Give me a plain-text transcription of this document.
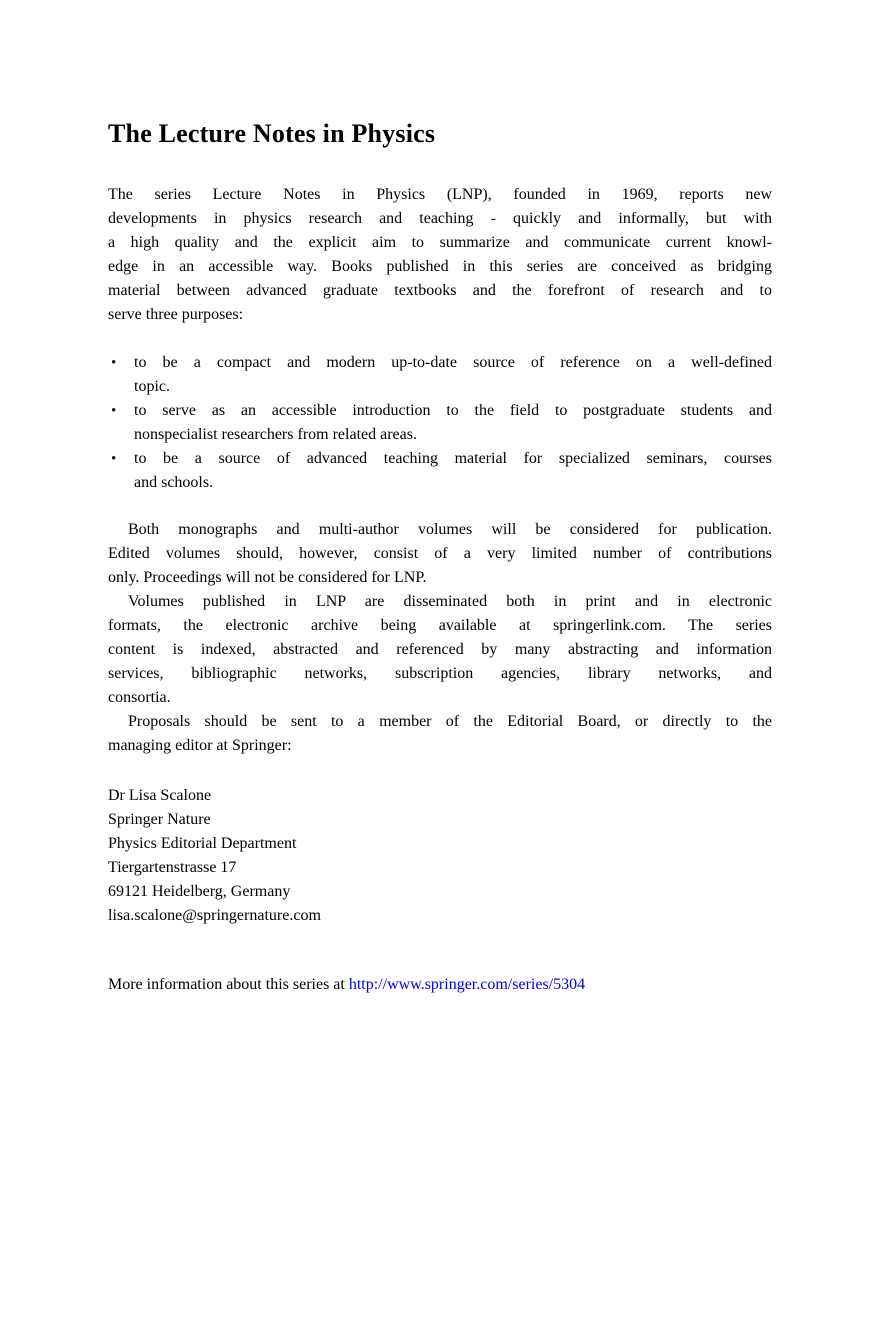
The Lecture Notes in Physics
The series Lecture Notes in Physics (LNP), founded in 1969, reports new
developments in physics research and teaching - quickly and informally, but with
a high quality and the explicit aim to summarize and communicate current knowl-
edge in an accessible way. Books published in this series are conceived as bridging
material between advanced graduate textbooks and the forefront of research and to
serve three purposes:
•	to be a compact and modern up-to-date source of reference on a well-defined
topic.
•	to serve as an accessible introduction to the field to postgraduate students and
nonspecialist researchers from related areas.
•	to be a source of advanced teaching material for specialized seminars, courses
and schools.
Both monographs and multi-author volumes will be considered for publication.
Edited volumes should, however, consist of a very limited number of contributions
only. Proceedings will not be considered for LNP.
Volumes published in LNP are disseminated both in print and in electronic
formats, the electronic archive being available at springerlink.com. The series
content is indexed, abstracted and referenced by many abstracting and information
services, bibliographic networks, subscription agencies, library networks, and
consortia.
Proposals should be sent to a member of the Editorial Board, or directly to the
managing editor at Springer:
Dr Lisa Scalone
Springer Nature
Physics Editorial Department
Tiergartenstrasse 17
69121 Heidelberg, Germany
lisa.scalone@springernature.com
More information about this series at http://www.springer.com/series/5304
